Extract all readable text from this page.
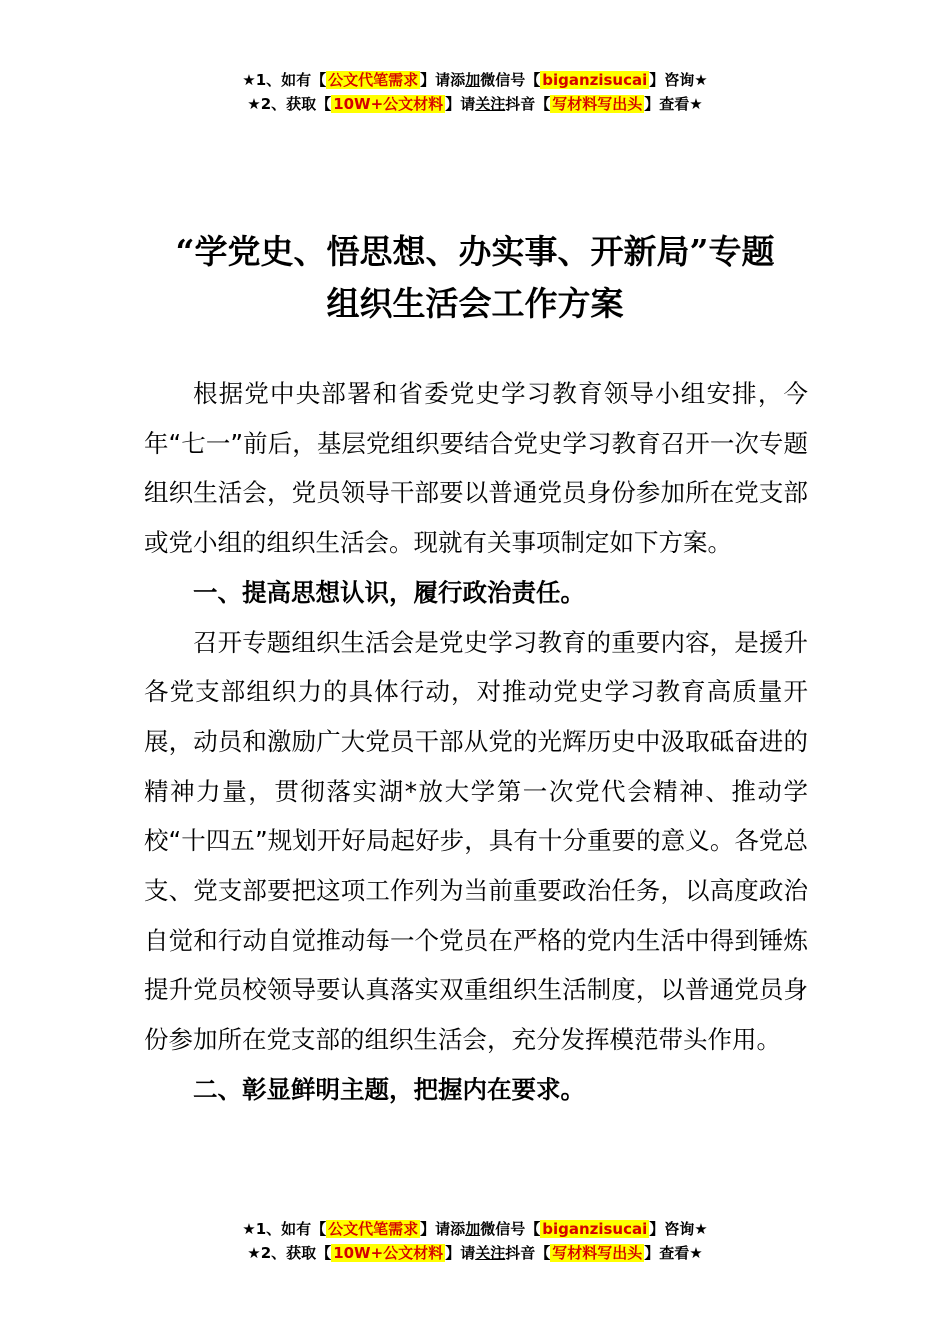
★1、如有【 公文代笔需求 】请添加微信号【 biganzisucai 】咨询★
★2、获取【 10W+公文材料 】请关注抖音【 写材料写出头 】查看★
“学党史、悟思想、办实事、开新局”专题
组织生活会工作方案

根据党中央部署和省委党史学习教育领导小组安排，今年“七一”前后，基层党组织要结合党史学习教育召开一次专题组织生活会，党员领导干部要以普通党员身份参加所在党支部或党小组的组织生活会。现就有关事项制定如下方案。

一、提高思想认识，履行政治责任。

召开专题组织生活会是党史学习教育的重要内容，是援升各党支部组织力的具体行动，对推动党史学习教育高质量开展，动员和激励广大党员干部从党的光辉历史中汲取砥奋进的精神力量，贯彻落实湖*放大学第一次党代会精神、推动学校“十四五”规划开好局起好步，具有十分重要的意义。各党总支、党支部要把这项工作列为当前重要政治任务，以高度政治自觉和行动自觉推动每一个党员在严格的党内生活中得到锤炼提升党员校领导要认真落实双重组织生活制度，以普通党员身份参加所在党支部的组织生活会，充分发挥模范带头作用。

二、彰显鲜明主题，把握内在要求。

★1、如有【 公文代笔需求 】请添加微信号【 biganzisucai 】咨询★
★2、获取【 10W+公文材料 】请关注抖音【 写材料写出头 】查看★
